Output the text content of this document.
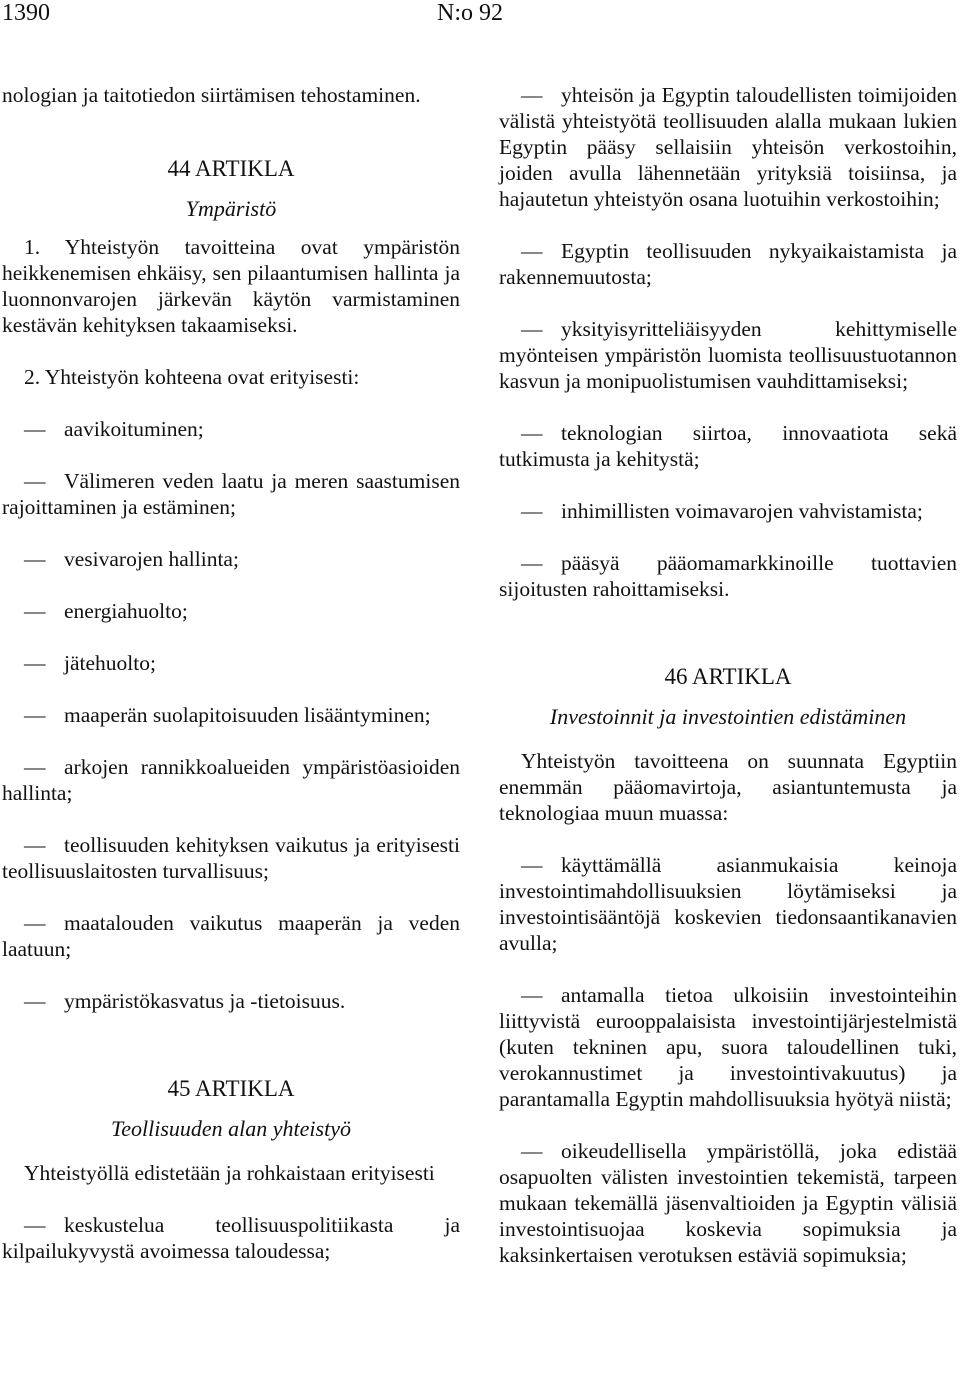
1390	N:o 92

nologian ja taitotiedon siirtämisen tehostaminen.

44 ARTIKLA

Ympäristö

1. Yhteistyön tavoitteina ovat ympäristön heikkenemisen ehkäisy, sen pilaantumisen hallinta ja luonnonvarojen järkevän käytön varmistaminen kestävän kehityksen takaamiseksi.

2. Yhteistyön kohteena ovat erityisesti:

— aavikoituminen;

— Välimeren veden laatu ja meren saastumisen rajoittaminen ja estäminen;

— vesivarojen hallinta;

— energiahuolto;

— jätehuolto;

— maaperän suolapitoisuuden lisääntyminen;

— arkojen rannikkoalueiden ympäristöasioiden hallinta;

— teollisuuden kehityksen vaikutus ja erityisesti teollisuuslaitosten turvallisuus;

— maatalouden vaikutus maaperän ja veden laatuun;

— ympäristökasvatus ja -tietoisuus.

45 ARTIKLA

Teollisuuden alan yhteistyö

Yhteistyöllä edistetään ja rohkaistaan erityisesti

— keskustelua teollisuuspolitiikasta ja kilpailukyvystä avoimessa taloudessa;

— yhteisön ja Egyptin taloudellisten toimijoiden välistä yhteistyötä teollisuuden alalla mukaan lukien Egyptin pääsy sellaisiin yhteisön verkostoihin, joiden avulla lähennetään yrityksiä toisiinsa, ja hajautetun yhteistyön osana luotuihin verkostoihin;

— Egyptin teollisuuden nykyaikaistamista ja rakennemuutosta;

— yksityisyritteliäisyyden kehittymiselle myönteisen ympäristön luomista teollisuustuotannon kasvun ja monipuolistumisen vauhdittamiseksi;

— teknologian siirtoa, innovaatiota sekä tutkimusta ja kehitystä;

— inhimillisten voimavarojen vahvistamista;

— pääsyä pääomamarkkinoille tuottavien sijoitusten rahoittamiseksi.

46 ARTIKLA

Investoinnit ja investointien edistäminen

Yhteistyön tavoitteena on suunnata Egyptiin enemmän pääomavirtoja, asiantuntemusta ja teknologiaa muun muassa:

— käyttämällä asianmukaisia keinoja investointimahdollisuuksien löytämiseksi ja investointisääntöjä koskevien tiedonsaantikanavien avulla;

— antamalla tietoa ulkoisiin investointeihin liittyvistä eurooppalaisista investointijärjestelmistä (kuten tekninen apu, suora taloudellinen tuki, verokannustimet ja investointivakuutus) ja parantamalla Egyptin mahdollisuuksia hyötyä niistä;

— oikeudellisella ympäristöllä, joka edistää osapuolten välisten investointien tekemistä, tarpeen mukaan tekemällä jäsenvaltioiden ja Egyptin välisiä investointisuojaa koskevia sopimuksia ja kaksinkertaisen verotuksen estäviä sopimuksia;
